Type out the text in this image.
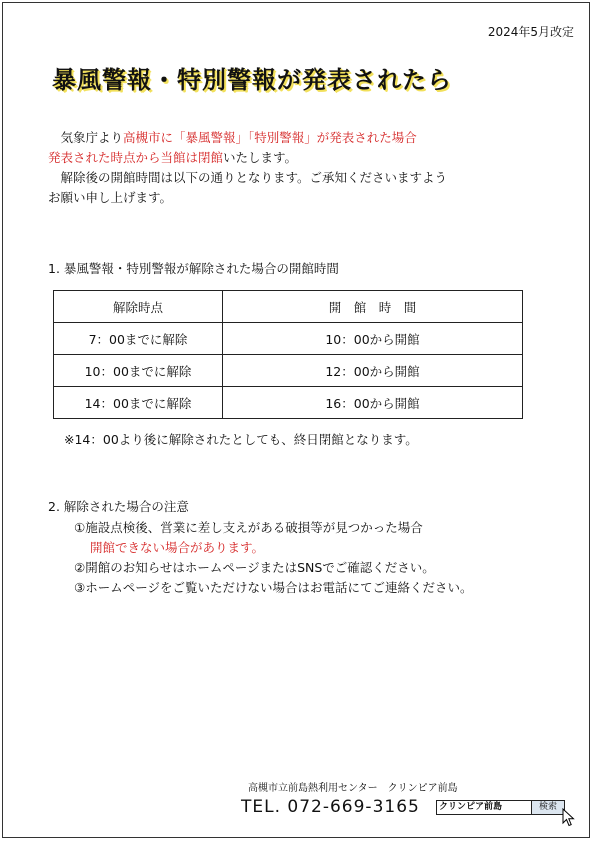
2024年5月改定
暴風警報・特別警報が発表されたら

　気象庁より高槻市に「暴風警報」「特別警報」が発表された場合

発表された時点から当館は閉館いたします。

　解除後の開館時間は以下の通りとなります。ご承知くださいますよう

お願い申し上げます。

1. 暴風警報・特別警報が解除された場合の開館時間
解除時点	開　館　時　間
7：00までに解除	10：00から開館
10：00までに解除	12：00から開館
14：00までに解除	16：00から開館
※14：00より後に解除されたとしても、終日閉館となります。
2. 解除された場合の注意

①施設点検後、営業に差し支えがある破損等が見つかった場合

開館できない場合があります。

②開館のお知らせはホームページまたはSNSでご確認ください。

③ホームページをご覧いただけない場合はお電話にてご連絡ください。

高槻市立前島熱利用センター　クリンピア前島
TEL. 072-669-3165	クリンピア前島	検索
